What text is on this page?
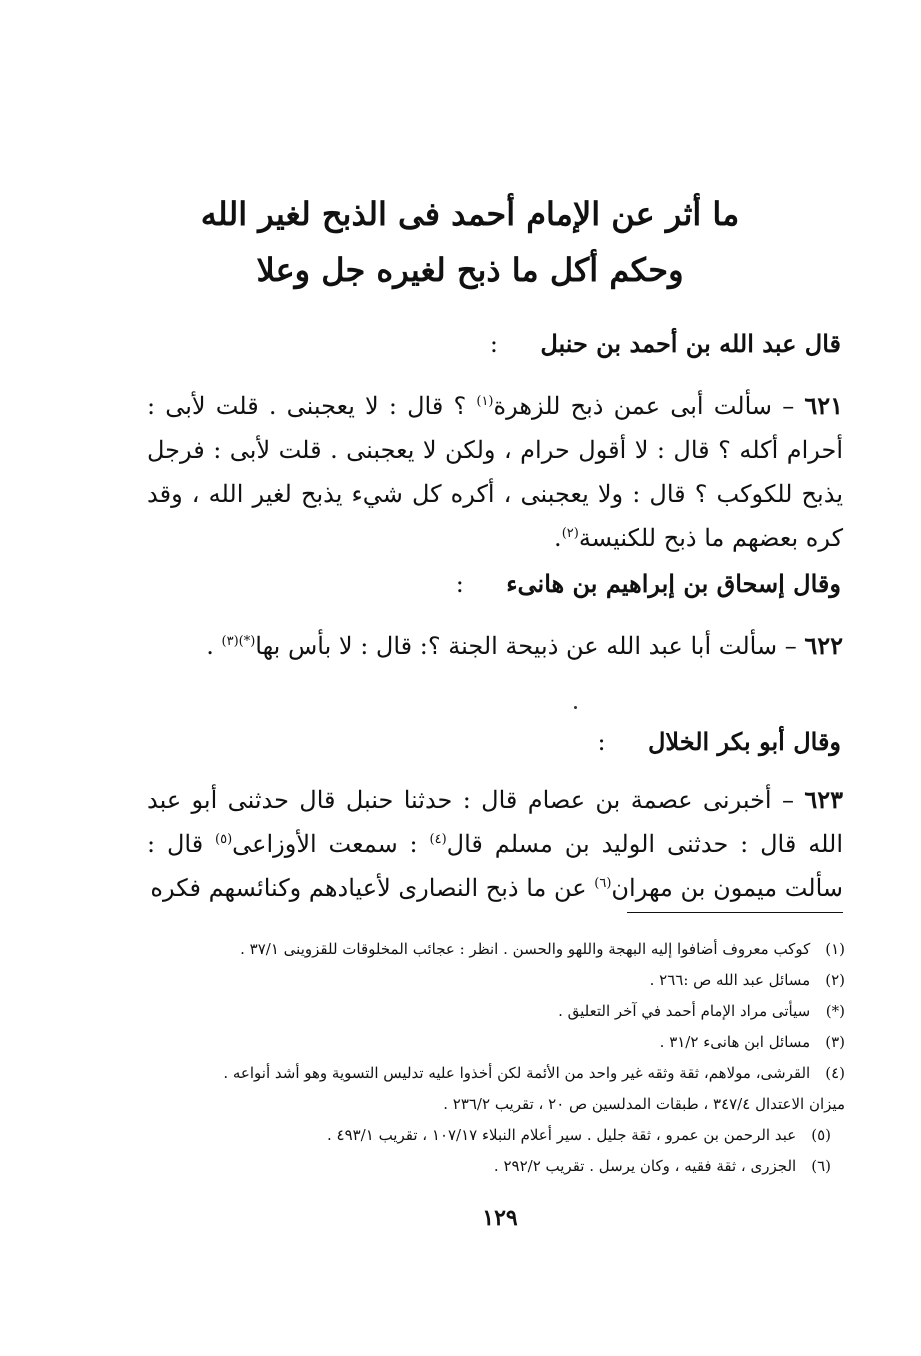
ما أثر عن الإمام أحمد فى الذبح لغير الله
وحكم أكل ما ذبح لغيره جل وعلا
قال عبد الله بن أحمد بن حنبل :
٦٢١ – سألت أبى عمن ذبح للزهرة$^{(١)}$ ؟ قال : لا يعجبنى . قلت لأبى : أحرام أكله ؟ قال : لا أقول حرام ، ولكن لا يعجبنى . قلت لأبى : فرجل يذبح للكوكب ؟ قال : ولا يعجبنى ، أكره كل شيء يذبح لغير الله ، وقد كره بعضهم ما ذبح للكنيسة$^{(٢)}$.
وقال إسحاق بن إبراهيم بن هانىء :
٦٢٢ – سألت أبا عبد الله عن ذبيحة الجنة ؟: قال : لا بأس بها$^{(*)(٣)}$ .
وقال أبو بكر الخلال :
٦٢٣ – أخبرنى عصمة بن عصام قال : حدثنا حنبل قال حدثنى أبو عبد الله قال : حدثنى الوليد بن مسلم قال$^{(٤)}$ : سمعت الأوزاعى$^{(٥)}$ قال : سألت ميمون بن مهران$^{(٦)}$ عن ما ذبح النصارى لأعيادهم وكنائسهم فكره
(١) كوكب معروف أضافوا إليه البهجة واللهو والحسن . انظر : عجائب المخلوقات للقزوينى ٣٧/١ .
(٢) مسائل عبد الله ص :٢٦٦ .
(*) سيأتى مراد الإمام أحمد في آخر التعليق .
(٣) مسائل ابن هانىء ٣١/٢ .
(٤) القرشى، مولاهم، ثقة وثقه غير واحد من الأئمة لكن أخذوا عليه تدليس التسوية وهو أشد أنواعه .
ميزان الاعتدال ٣٤٧/٤ ، طبقات المدلسين ص ٢٠ ، تقريب ٢٣٦/٢ .
(٥) عبد الرحمن بن عمرو ، ثقة جليل . سير أعلام النبلاء ١٠٧/١٧ ، تقريب ٤٩٣/١ .
(٦) الجزرى ، ثقة فقيه ، وكان يرسل . تقريب ٢٩٢/٢ .
١٢٩
